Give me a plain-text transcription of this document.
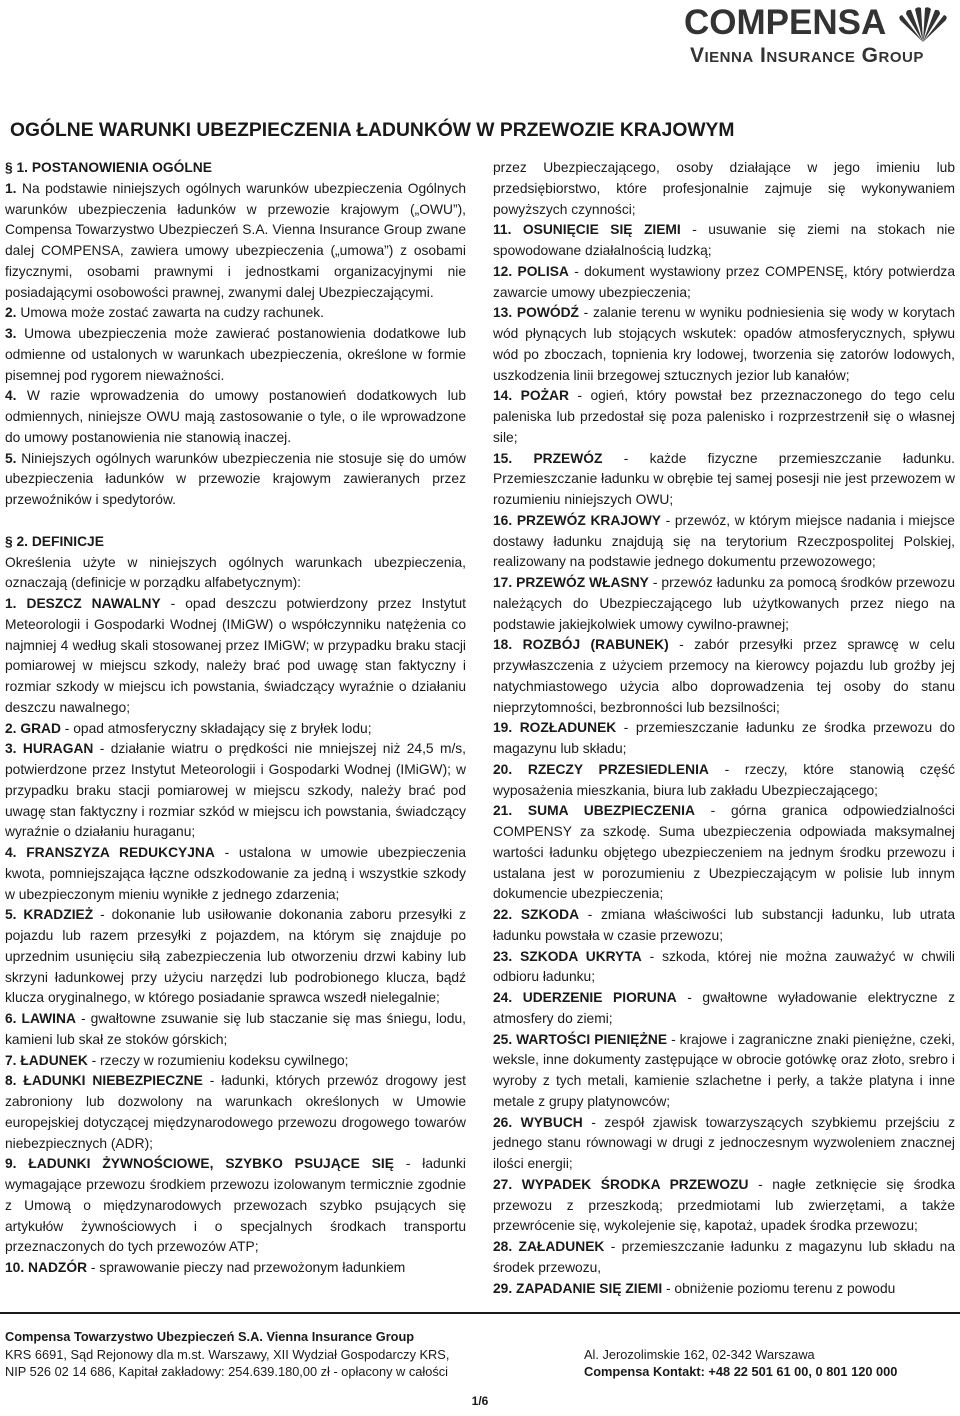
COMPENSA
Vienna Insurance Group
OGÓLNE WARUNKI UBEZPIECZENIA ŁADUNKÓW W PRZEWOZIE KRAJOWYM

§ 1. POSTANOWIENIA OGÓLNE

1. Na podstawie niniejszych ogólnych warunków ubezpieczenia Ogólnych warunków ubezpieczenia ładunków w przewozie krajowym („OWU”), Compensa Towarzystwo Ubezpieczeń S.A. Vienna Insurance Group zwane dalej COMPENSA, zawiera umowy ubezpieczenia („umowa”) z osobami fizycznymi, osobami prawnymi i jednostkami organizacyjnymi nie posiadającymi osobowości prawnej, zwanymi dalej Ubezpieczającymi.

2. Umowa może zostać zawarta na cudzy rachunek.

3. Umowa ubezpieczenia może zawierać postanowienia dodatkowe lub odmienne od ustalonych w warunkach ubezpieczenia, określone w formie pisemnej pod rygorem nieważności.

4. W razie wprowadzenia do umowy postanowień dodatkowych lub odmiennych, niniejsze OWU mają zastosowanie o tyle, o ile wprowadzone do umowy postanowienia nie stanowią inaczej.

5. Niniejszych ogólnych warunków ubezpieczenia nie stosuje się do umów ubezpieczenia ładunków w przewozie krajowym zawieranych przez przewoźników i spedytorów.

§ 2. DEFINICJE

Określenia użyte w niniejszych ogólnych warunkach ubezpieczenia, oznaczają (definicje w porządku alfabetycznym):

1. DESZCZ NAWALNY - opad deszczu potwierdzony przez Instytut Meteorologii i Gospodarki Wodnej (IMiGW) o współczynniku natężenia co najmniej 4 według skali stosowanej przez IMiGW; w przypadku braku stacji pomiarowej w miejscu szkody, należy brać pod uwagę stan faktyczny i rozmiar szkody w miejscu ich powstania, świadczący wyraźnie o działaniu deszczu nawalnego;

2. GRAD - opad atmosferyczny składający się z bryłek lodu;

3. HURAGAN - działanie wiatru o prędkości nie mniejszej niż 24,5 m/s, potwierdzone przez Instytut Meteorologii i Gospodarki Wodnej (IMiGW); w przypadku braku stacji pomiarowej w miejscu szkody, należy brać pod uwagę stan faktyczny i rozmiar szkód w miejscu ich powstania, świadczący wyraźnie o działaniu huraganu;

4. FRANSZYZA REDUKCYJNA - ustalona w umowie ubezpieczenia kwota, pomniejszająca łączne odszkodowanie za jedną i wszystkie szkody w ubezpieczonym mieniu wynikłe z jednego zdarzenia;

5. KRADZIEŻ - dokonanie lub usiłowanie dokonania zaboru przesyłki z pojazdu lub razem przesyłki z pojazdem, na którym się znajduje po uprzednim usunięciu siłą zabezpieczenia lub otworzeniu drzwi kabiny lub skrzyni ładunkowej przy użyciu narzędzi lub podrobionego klucza, bądź klucza oryginalnego, w którego posiadanie sprawca wszedł nielegalnie;

6. LAWINA - gwałtowne zsuwanie się lub staczanie się mas śniegu, lodu, kamieni lub skał ze stoków górskich;

7. ŁADUNEK - rzeczy w rozumieniu kodeksu cywilnego;

8. ŁADUNKI NIEBEZPIECZNE - ładunki, których przewóz drogowy jest zabroniony lub dozwolony na warunkach określonych w Umowie europejskiej dotyczącej międzynarodowego przewozu drogowego towarów niebezpiecznych (ADR);

9. ŁADUNKI ŻYWNOŚCIOWE, SZYBKO PSUJĄCE SIĘ - ładunki wymagające przewozu środkiem przewozu izolowanym termicznie zgodnie z Umową o międzynarodowych przewozach szybko psujących się artykułów żywnościowych i o specjalnych środkach transportu przeznaczonych do tych przewozów ATP;

10. NADZÓR - sprawowanie pieczy nad przewożonym ładunkiem

przez Ubezpieczającego, osoby działające w jego imieniu lub przedsiębiorstwo, które profesjonalnie zajmuje się wykonywaniem powyższych czynności;

11. OSUNIĘCIE SIĘ ZIEMI - usuwanie się ziemi na stokach nie spowodowane działalnością ludzką;

12. POLISA - dokument wystawiony przez COMPENSĘ, który potwierdza zawarcie umowy ubezpieczenia;

13. POWÓDŹ - zalanie terenu w wyniku podniesienia się wody w korytach wód płynących lub stojących wskutek: opadów atmosferycznych, spływu wód po zboczach, topnienia kry lodowej, tworzenia się zatorów lodowych, uszkodzenia linii brzegowej sztucznych jezior lub kanałów;

14. POŻAR - ogień, który powstał bez przeznaczonego do tego celu paleniska lub przedostał się poza palenisko i rozprzestrzenił się o własnej sile;

15. PRZEWÓZ - każde fizyczne przemieszczanie ładunku. Przemieszczanie ładunku w obrębie tej samej posesji nie jest przewozem w rozumieniu niniejszych OWU;

16. PRZEWÓZ KRAJOWY - przewóz, w którym miejsce nadania i miejsce dostawy ładunku znajdują się na terytorium Rzeczpospolitej Polskiej, realizowany na podstawie jednego dokumentu przewozowego;

17. PRZEWÓZ WŁASNY - przewóz ładunku za pomocą środków przewozu należących do Ubezpieczającego lub użytkowanych przez niego na podstawie jakiejkolwiek umowy cywilno-prawnej;

18. ROZBÓJ (RABUNEK) - zabór przesyłki przez sprawcę w celu przywłaszczenia z użyciem przemocy na kierowcy pojazdu lub groźby jej natychmiastowego użycia albo doprowadzenia tej osoby do stanu nieprzytomności, bezbronności lub bezsilności;

19. ROZŁADUNEK - przemieszczanie ładunku ze środka przewozu do magazynu lub składu;

20. RZECZY PRZESIEDLENIA - rzeczy, które stanowią część wyposażenia mieszkania, biura lub zakładu Ubezpieczającego;

21. SUMA UBEZPIECZENIA - górna granica odpowiedzialności COMPENSY za szkodę. Suma ubezpieczenia odpowiada maksymalnej wartości ładunku objętego ubezpieczeniem na jednym środku przewozu i ustalana jest w porozumieniu z Ubezpieczającym w polisie lub innym dokumencie ubezpieczenia;

22. SZKODA - zmiana właściwości lub substancji ładunku, lub utrata ładunku powstała w czasie przewozu;

23. SZKODA UKRYTA - szkoda, której nie można zauważyć w chwili odbioru ładunku;

24. UDERZENIE PIORUNA - gwałtowne wyładowanie elektryczne z atmosfery do ziemi;

25. WARTOŚCI PIENIĘŻNE - krajowe i zagraniczne znaki pieniężne, czeki, weksle, inne dokumenty zastępujące w obrocie gotówkę oraz złoto, srebro i wyroby z tych metali, kamienie szlachetne i perły, a także platyna i inne metale z grupy platynowców;

26. WYBUCH - zespół zjawisk towarzyszących szybkiemu przejściu z jednego stanu równowagi w drugi z jednoczesnym wyzwoleniem znacznej ilości energii;

27. WYPADEK ŚRODKA PRZEWOZU - nagłe zetknięcie się środka przewozu z przeszkodą; przedmiotami lub zwierzętami, a także przewrócenie się, wykolejenie się, kapotaż, upadek środka przewozu;

28. ZAŁADUNEK - przemieszczanie ładunku z magazynu lub składu na środek przewozu,

29. ZAPADANIE SIĘ ZIEMI - obniżenie poziomu terenu z powodu

Compensa Towarzystwo Ubezpieczeń S.A. Vienna Insurance Group
KRS 6691, Sąd Rejonowy dla m.st. Warszawy, XII Wydział Gospodarczy KRS,
NIP 526 02 14 686, Kapitał zakładowy: 254.639.180,00 zł - opłacony w całości
Al. Jerozolimskie 162, 02-342 Warszawa
Compensa Kontakt: +48 22 501 61 00, 0 801 120 000
1/6
